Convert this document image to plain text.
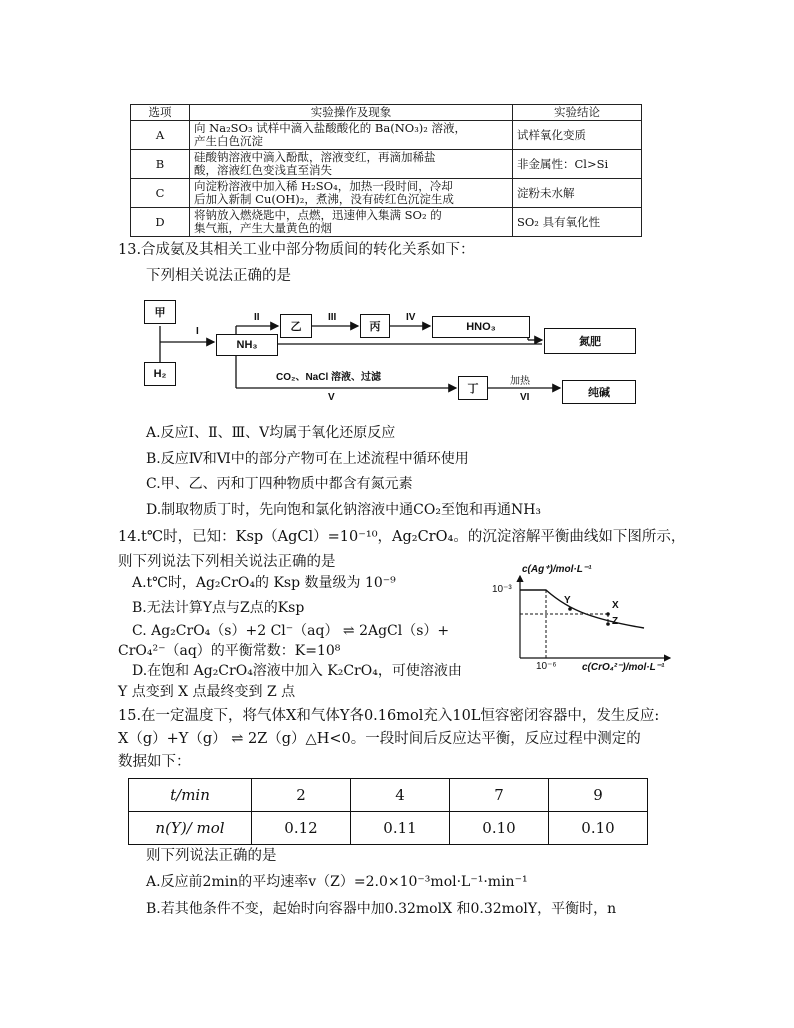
选项	实验操作及现象	实验结论
A	向 Na₂SO₃ 试样中滴入盐酸酸化的 Ba(NO₃)₂ 溶液，
产生白色沉淀	试样氧化变质
B	硅酸钠溶液中滴入酚酞，溶液变红，再滴加稀盐
酸，溶液红色变浅直至消失	非金属性：Cl>Si
C	向淀粉溶液中加入稀 H₂SO₄，加热一段时间，冷却
后加入新制 Cu(OH)₂，煮沸，没有砖红色沉淀生成	淀粉未水解
D	将钠放入燃烧匙中，点燃，迅速伸入集满 SO₂ 的
集气瓶，产生大量黄色的烟	SO₂ 具有氧化性
13.合成氨及其相关工业中部分物质间的转化关系如下：
下列相关说法正确的是
甲
H₂
NH₃
乙	丙	HNO₃
氮肥
丁	纯碱
I
II	III	IV
V	VI
CO₂、NaCl 溶液、过滤	加热
A.反应Ⅰ、Ⅱ、Ⅲ、Ⅴ均属于氧化还原反应
B.反应Ⅳ和Ⅵ中的部分产物可在上述流程中循环使用
C.甲、乙、丙和丁四种物质中都含有氮元素
D.制取物质丁时，先向饱和氯化钠溶液中通CO₂至饱和再通NH₃
14.t℃时，已知：Ksp（AgCl）=10⁻¹⁰，Ag₂CrO₄。的沉淀溶解平衡曲线如下图所示，
则下列说法下列相关说法正确的是
A.t℃时，Ag₂CrO₄的 Ksp 数量级为 10⁻⁹
B.无法计算Y点与Z点的Ksp
C. Ag₂CrO₄（s）+2 Cl⁻（aq） ⇌ 2AgCl（s）+
CrO₄²⁻（aq）的平衡常数：K=10⁸
D.在饱和 Ag₂CrO₄溶液中加入 K₂CrO₄，可使溶液由
Y 点变到 X 点最终变到 Z 点
c(Ag⁺)/mol·L⁻¹
10⁻³
10⁻⁶	c(CrO₄²⁻)/mol·L⁻¹
Y	X
Z
15.在一定温度下，将气体X和气体Y各0.16mol充入10L恒容密闭容器中，发生反应:
X（g）+Y（g） ⇌ 2Z（g）△H<0。一段时间后反应达平衡，反应过程中测定的
数据如下：
t/min	2	4	7	9
n(Y)/ mol	0.12	0.11	0.10	0.10
则下列说法正确的是
A.反应前2min的平均速率v（Z）=2.0×10⁻³mol·L⁻¹·min⁻¹
B.若其他条件不变，起始时向容器中加0.32molX 和0.32molY，平衡时，n
